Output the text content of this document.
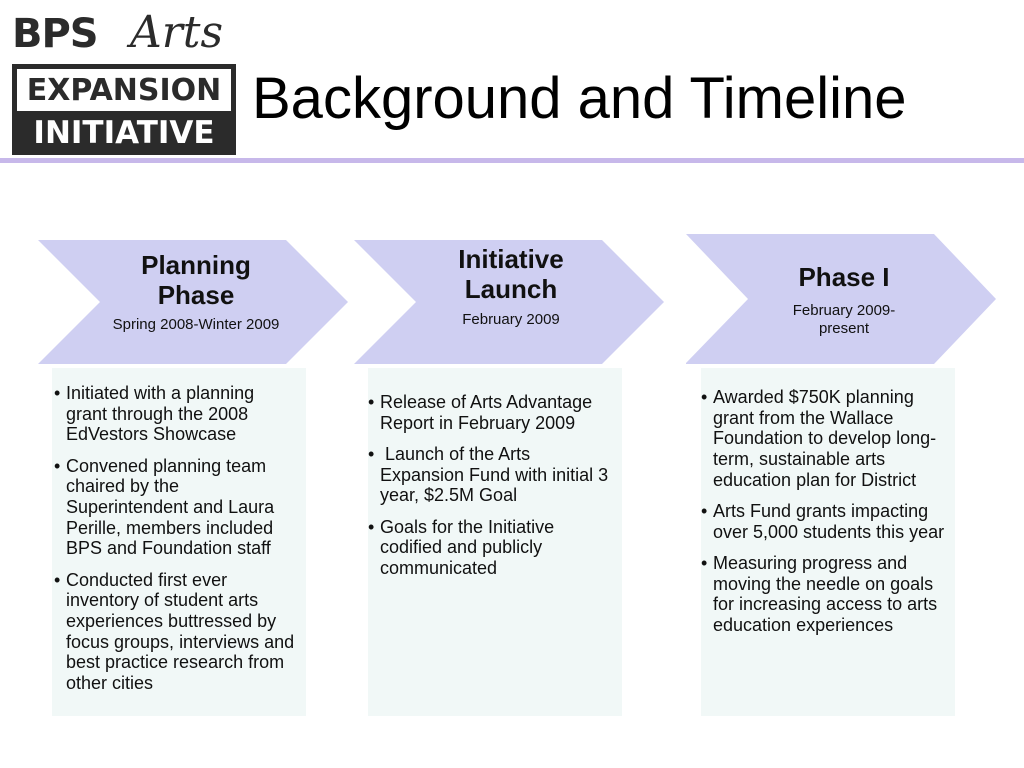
BPS Arts
EXPANSION
INITIATIVE
Background and Timeline
Planning Phase
Spring 2008-Winter 2009
Initiative Launch
February 2009
Phase I
February 2009-present
• Initiated with a planning grant through the 2008 EdVestors Showcase
• Convened planning team chaired by the Superintendent and Laura Perille, members included BPS and Foundation staff
• Conducted first ever inventory of student arts experiences buttressed by focus groups, interviews and best practice research from other cities
• Release of Arts Advantage Report in February 2009
•  Launch of the Arts Expansion Fund with initial 3 year, $2.5M Goal
• Goals for the Initiative codified and publicly communicated
• Awarded $750K planning grant from the Wallace Foundation to develop long-term, sustainable arts education plan for District
• Arts Fund grants impacting over 5,000 students this year
• Measuring progress and moving the needle on goals for increasing access to arts education experiences
